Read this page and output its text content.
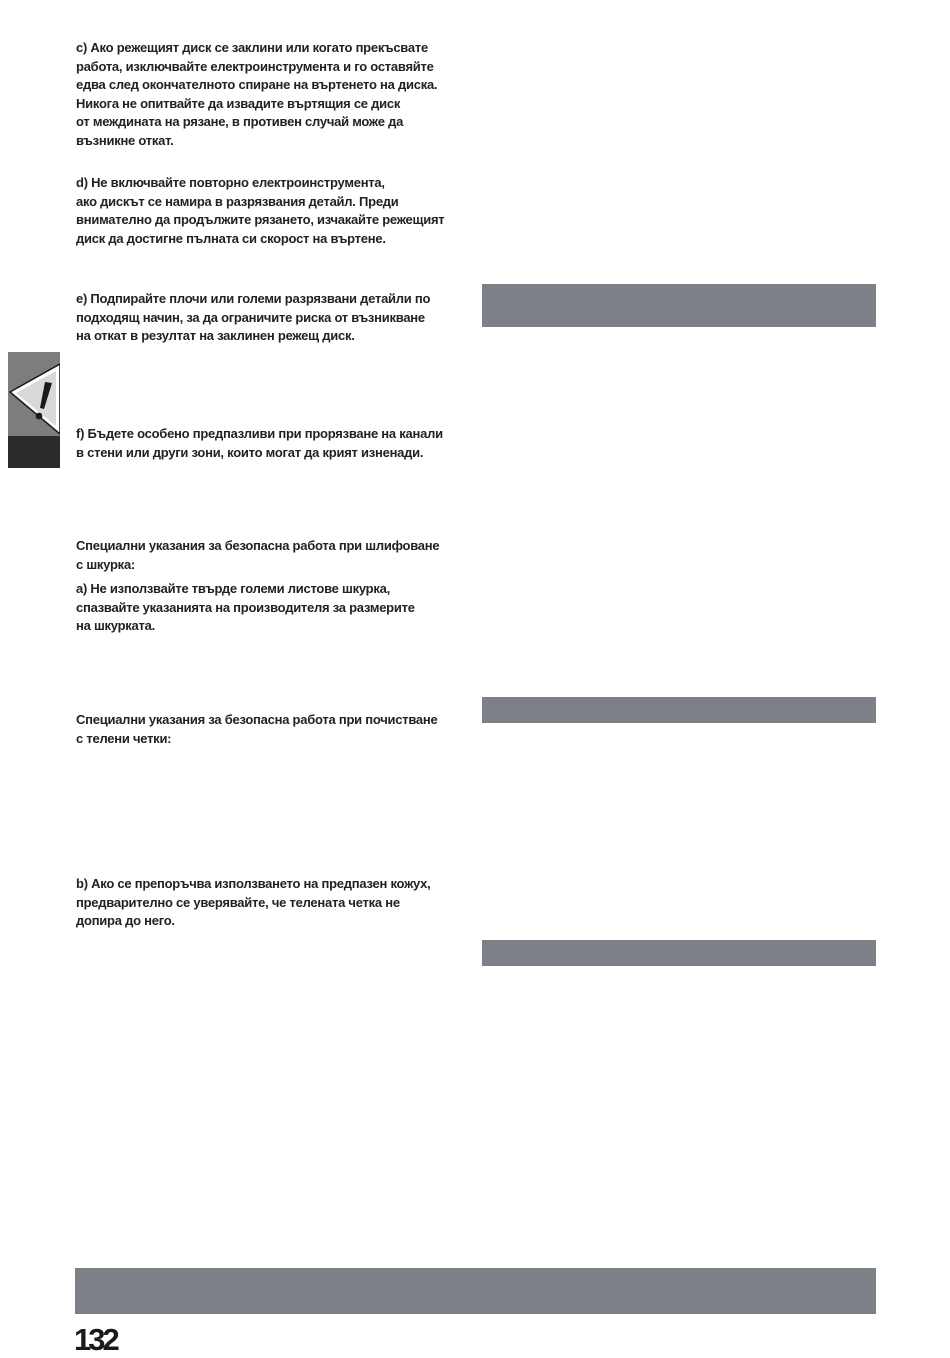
c) Ако режещият диск се заклини или когато прекъсвате
работа, изключвайте електроинструмента и го оставяйте
едва след окончателното спиране на въртенето на диска.
Никога не опитвайте да извадите въртящия се диск
от междината на рязане, в противен случай може да
възникне откат.
d) Не включвайте повторно електроинструмента,
ако дискът се намира в разрязвания детайл. Преди
внимателно да продължите рязането, изчакайте режещият
диск да достигне пълната си скорост на въртене.
e) Подпирайте плочи или големи разрязвани детайли по
подходящ начин, за да ограничите риска от възникване
на откат в резултат на заклинен режещ диск.
f) Бъдете особено предпазливи при прорязване на канали
в стени или други зони, които могат да крият изненади.
Специални указания за безопасна работа при шлифоване
с шкурка:
a) Не използвайте твърде големи листове шкурка,
спазвайте указанията на производителя за размерите
на шкурката.
Специални указания за безопасна работа при почистване
с телени четки:
b) Ако се препоръчва използването на предпазен кожух,
предварително се уверявайте, че телената четка не
допира до него.
132
